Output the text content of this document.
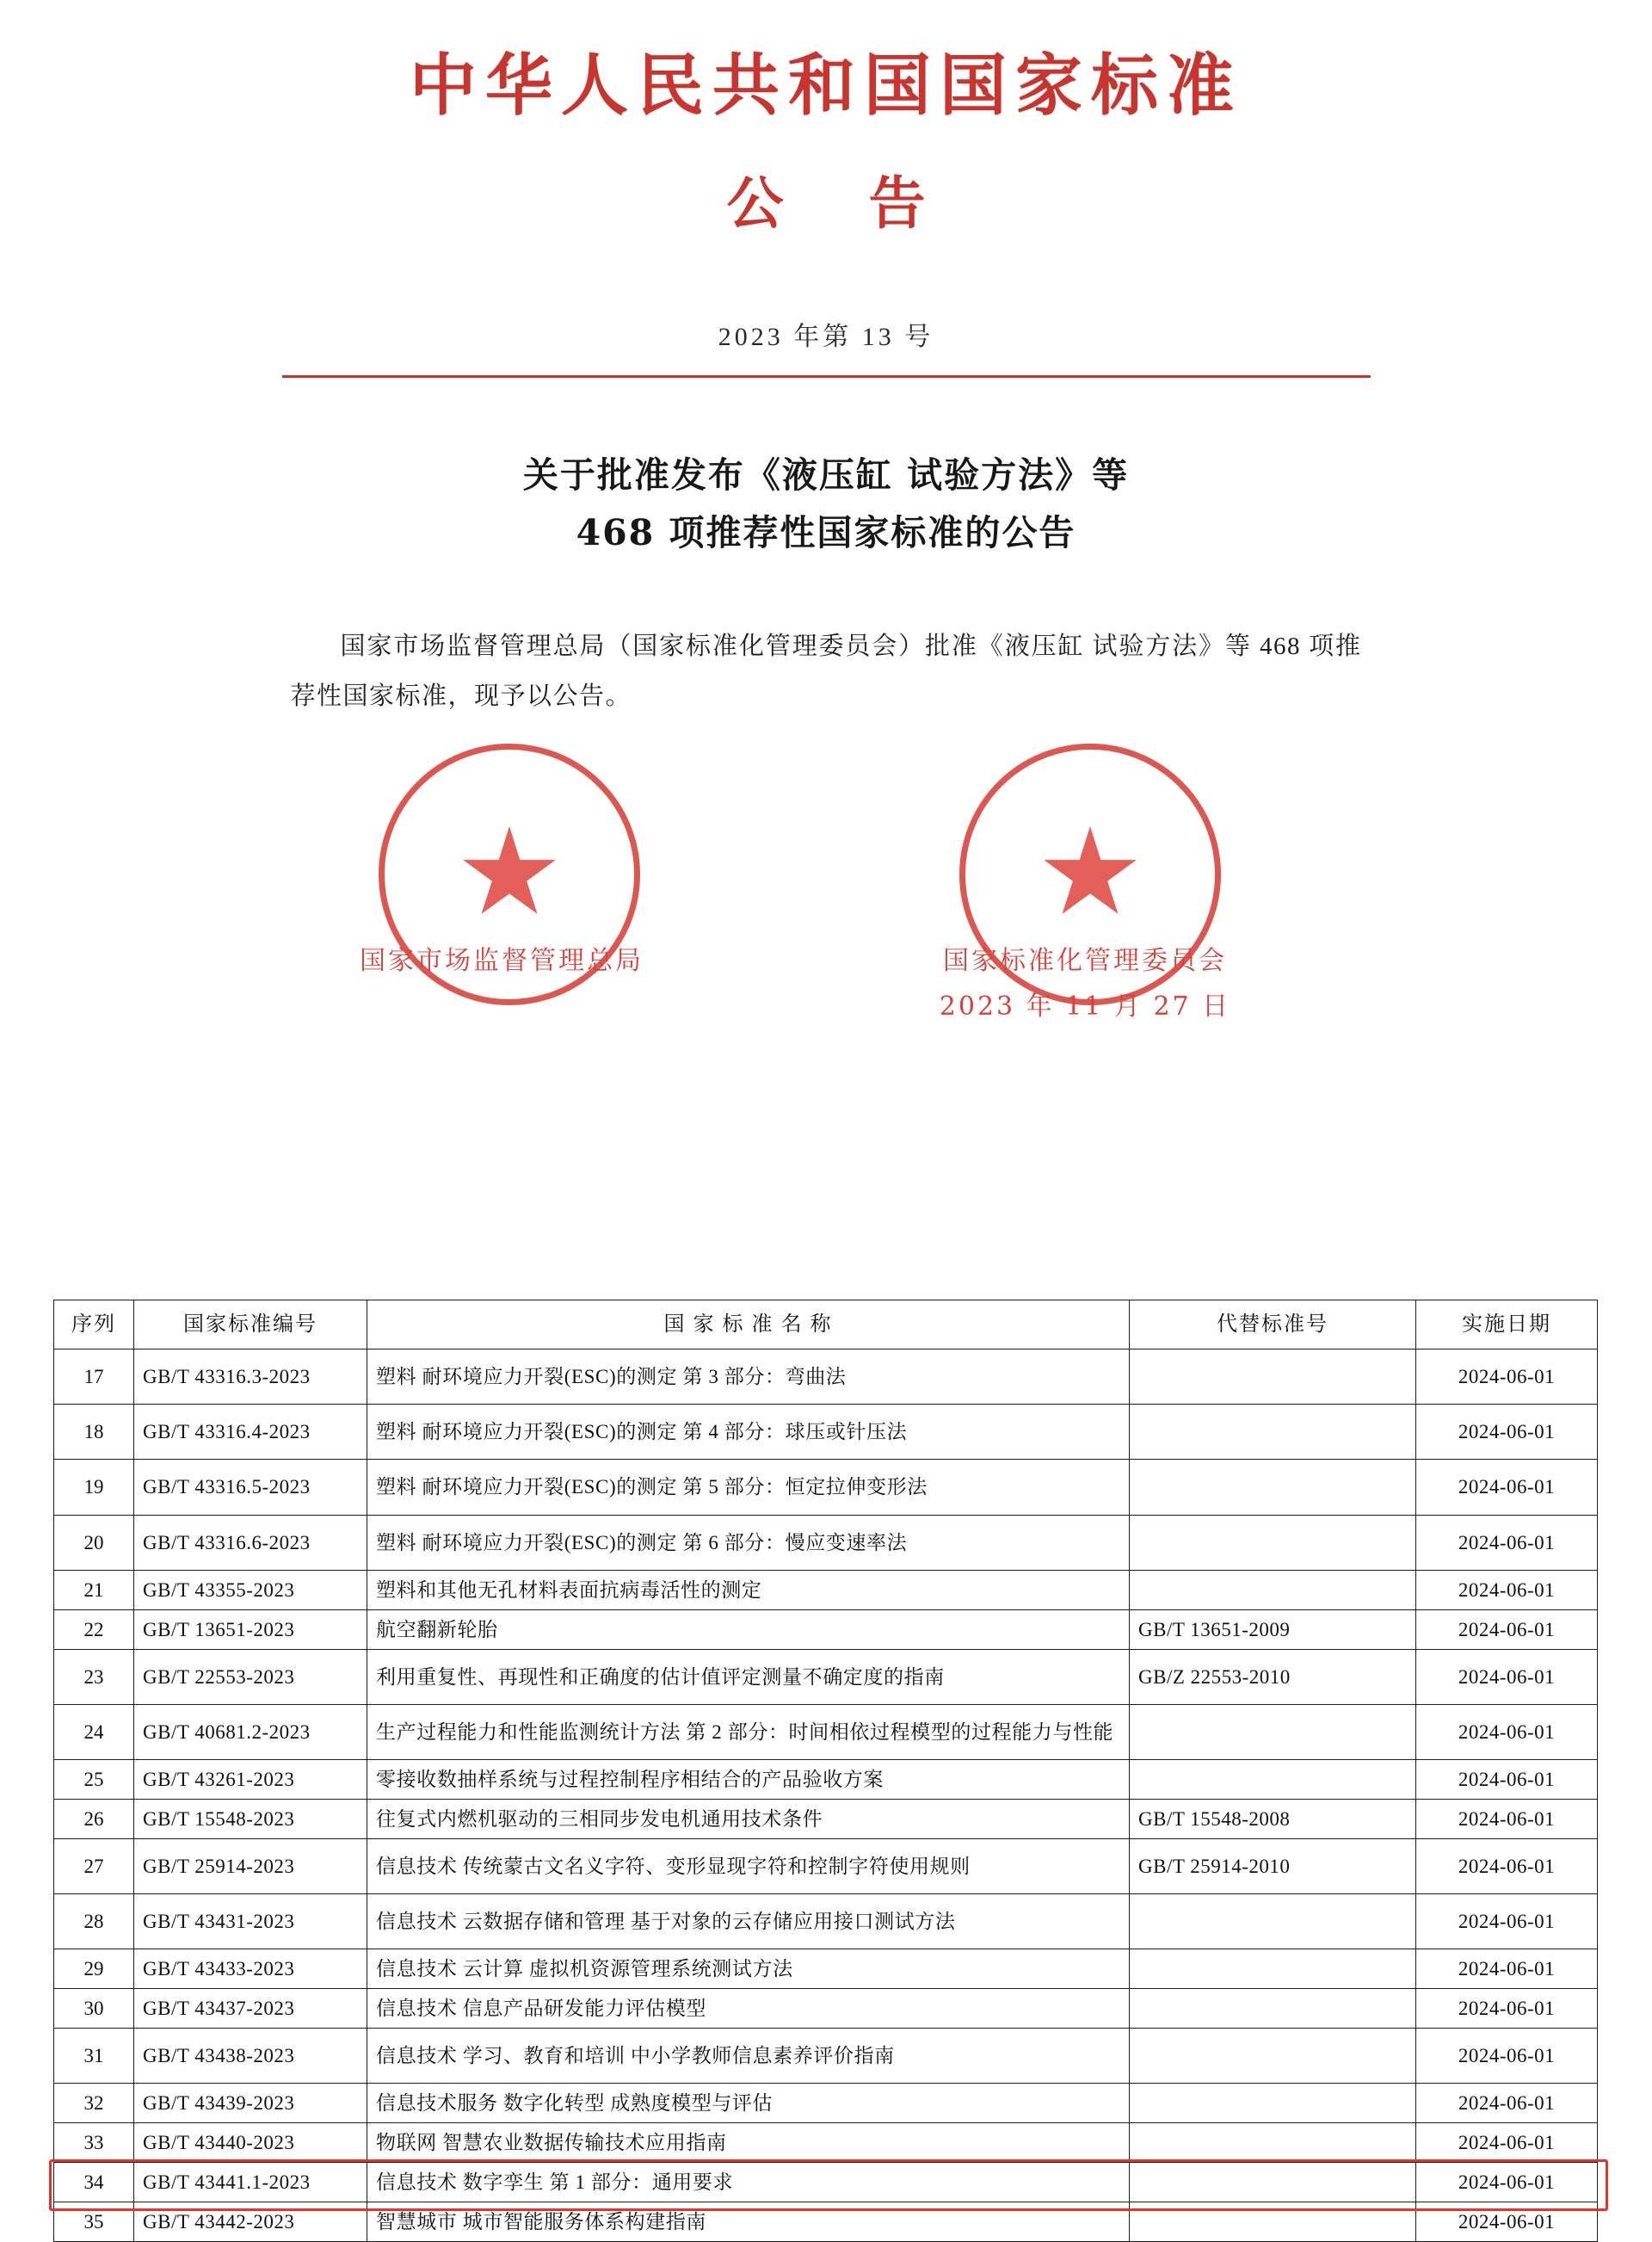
中华人民共和国国家标准
公 告
2023 年第 13 号
关于批准发布《液压缸 试验方法》等
468 项推荐性国家标准的公告
国家市场监督管理总局（国家标准化管理委员会）批准《液压缸 试验方法》等 468 项推荐性国家标准，现予以公告。
国家市场监督管理总局	国家标准化管理委员会
2023 年 11 月 27 日
序列	国家标准编号	国 家 标 准 名 称	代替标准号	实施日期
17	GB/T 43316.3-2023	塑料 耐环境应力开裂(ESC)的测定 第 3 部分：弯曲法		2024-06-01
18	GB/T 43316.4-2023	塑料 耐环境应力开裂(ESC)的测定 第 4 部分：球压或针压法		2024-06-01
19	GB/T 43316.5-2023	塑料 耐环境应力开裂(ESC)的测定 第 5 部分：恒定拉伸变形法		2024-06-01
20	GB/T 43316.6-2023	塑料 耐环境应力开裂(ESC)的测定 第 6 部分：慢应变速率法		2024-06-01
21	GB/T 43355-2023	塑料和其他无孔材料表面抗病毒活性的测定		2024-06-01
22	GB/T 13651-2023	航空翻新轮胎	GB/T 13651-2009	2024-06-01
23	GB/T 22553-2023	利用重复性、再现性和正确度的估计值评定测量不确定度的指南	GB/Z 22553-2010	2024-06-01
24	GB/T 40681.2-2023	生产过程能力和性能监测统计方法 第 2 部分：时间相依过程模型的过程能力与性能		2024-06-01
25	GB/T 43261-2023	零接收数抽样系统与过程控制程序相结合的产品验收方案		2024-06-01
26	GB/T 15548-2023	往复式内燃机驱动的三相同步发电机通用技术条件	GB/T 15548-2008	2024-06-01
27	GB/T 25914-2023	信息技术 传统蒙古文名义字符、变形显现字符和控制字符使用规则	GB/T 25914-2010	2024-06-01
28	GB/T 43431-2023	信息技术 云数据存储和管理 基于对象的云存储应用接口测试方法		2024-06-01
29	GB/T 43433-2023	信息技术 云计算 虚拟机资源管理系统测试方法		2024-06-01
30	GB/T 43437-2023	信息技术 信息产品研发能力评估模型		2024-06-01
31	GB/T 43438-2023	信息技术 学习、教育和培训 中小学教师信息素养评价指南		2024-06-01
32	GB/T 43439-2023	信息技术服务 数字化转型 成熟度模型与评估		2024-06-01
33	GB/T 43440-2023	物联网 智慧农业数据传输技术应用指南		2024-06-01
34	GB/T 43441.1-2023	信息技术 数字孪生 第 1 部分：通用要求		2024-06-01
35	GB/T 43442-2023	智慧城市 城市智能服务体系构建指南		2024-06-01
